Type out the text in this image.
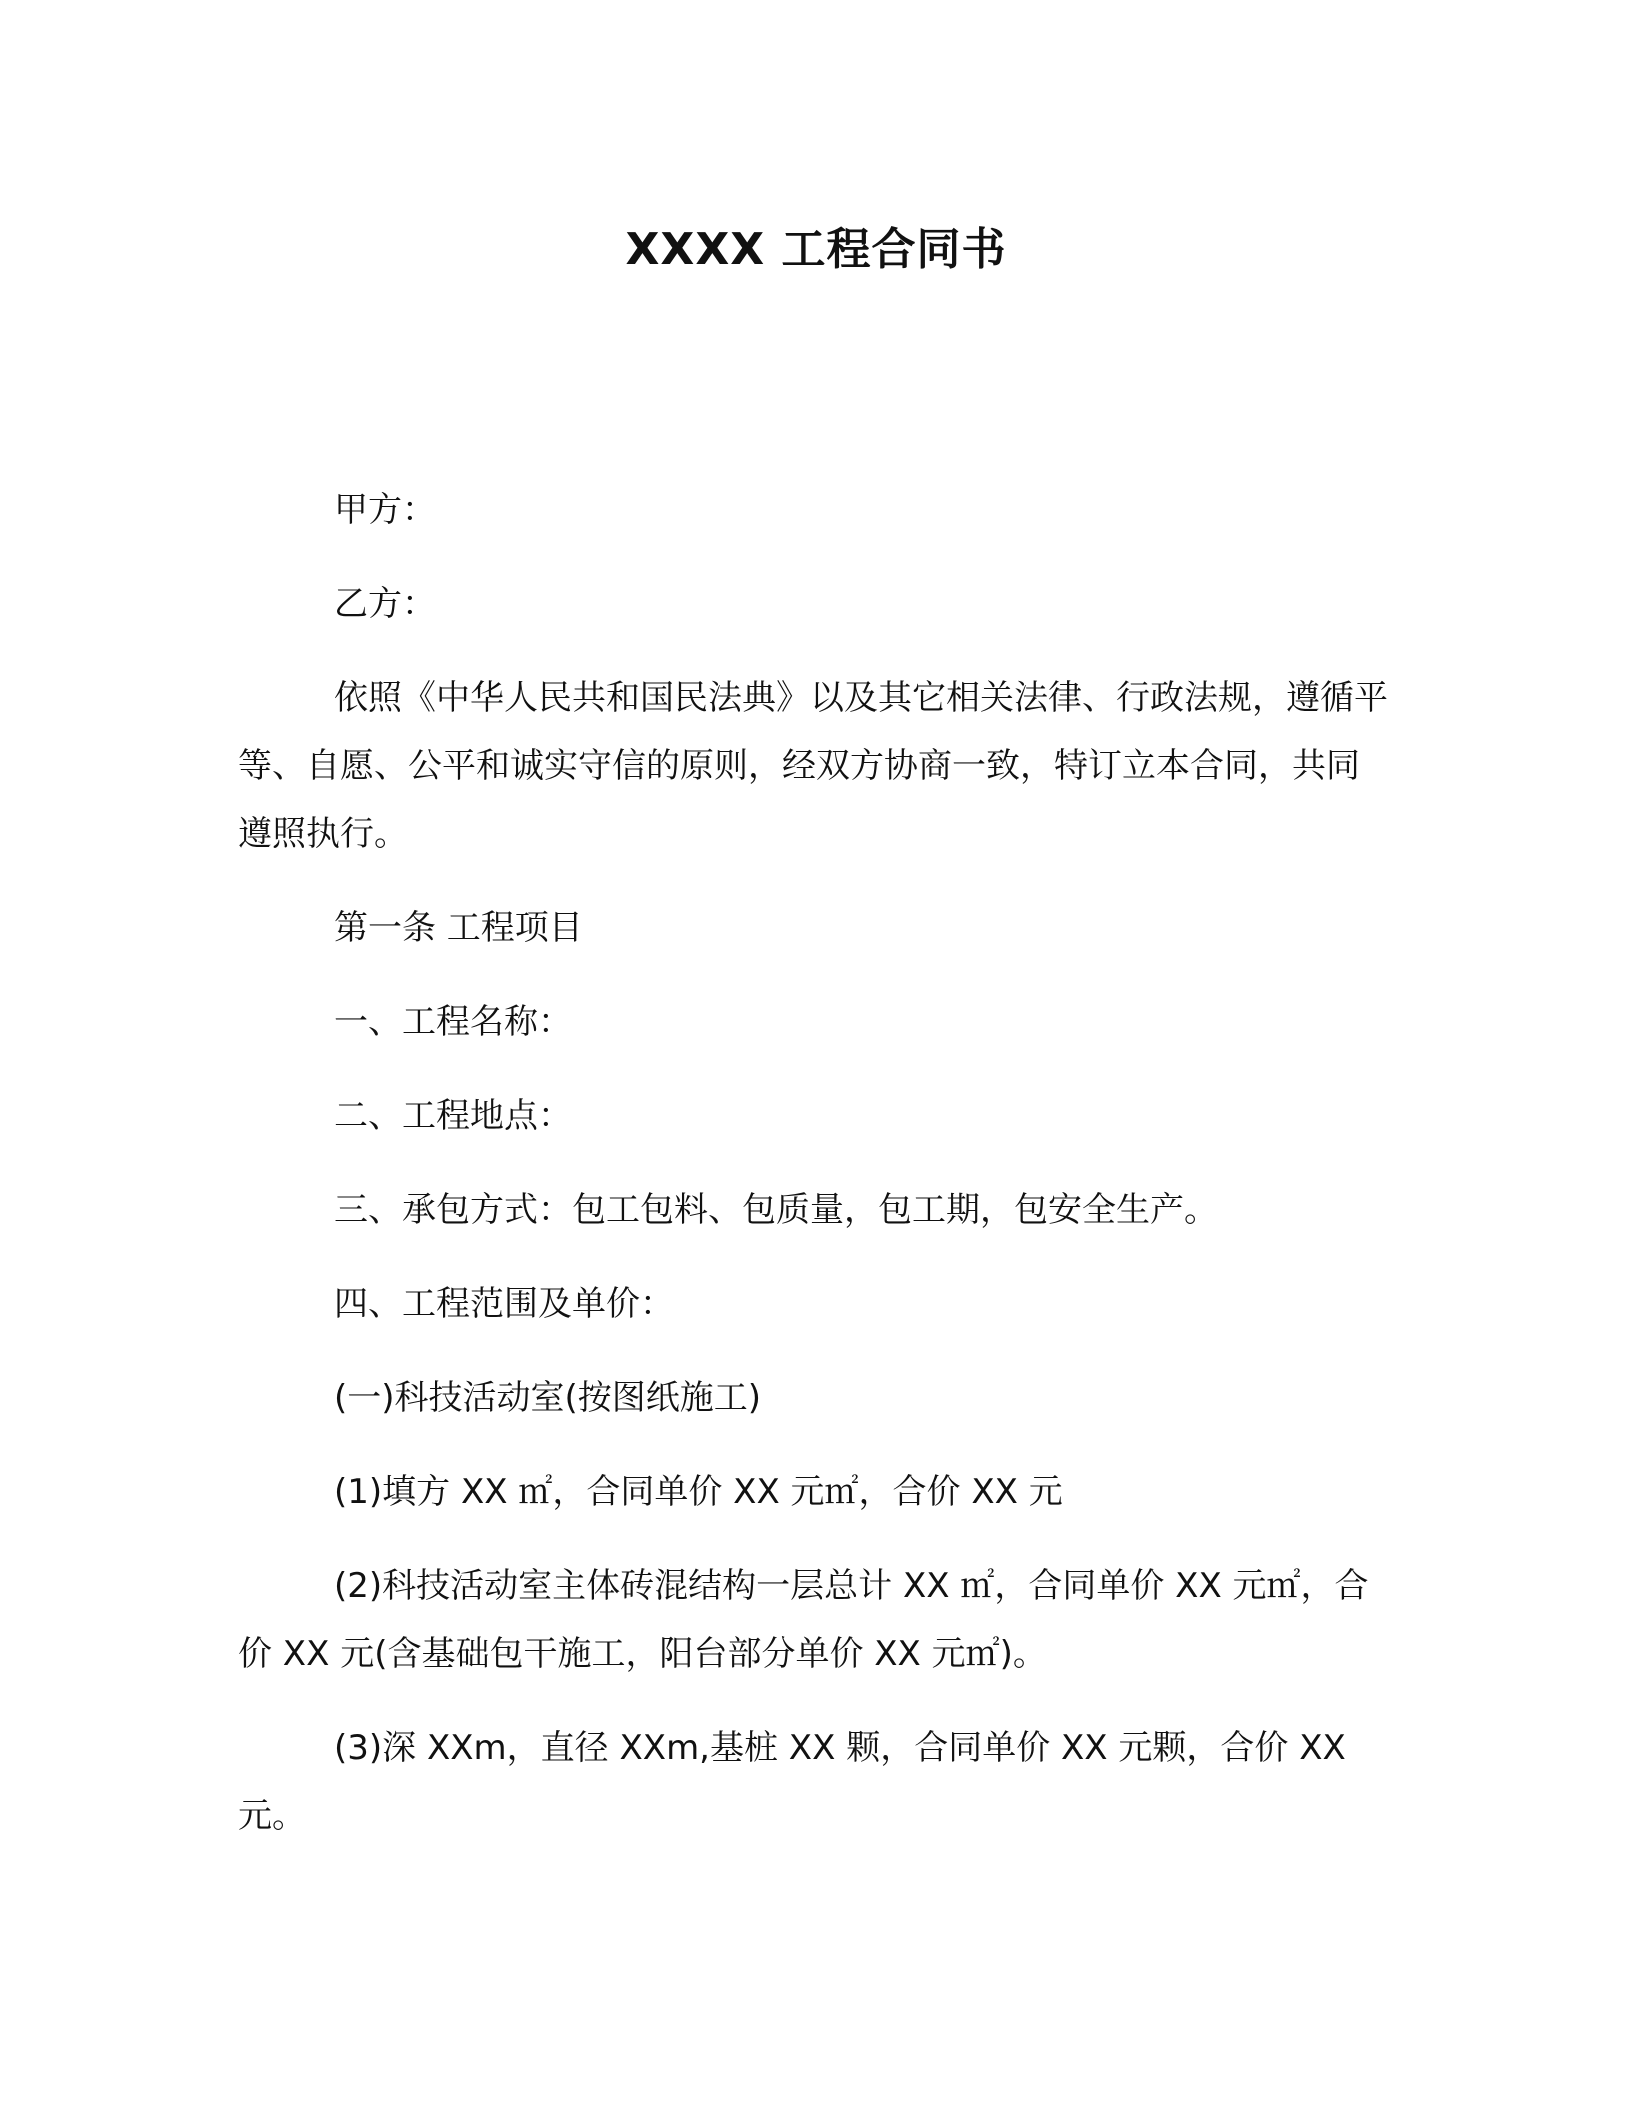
XXXX 工程合同书

甲方：

乙方：

依照《中华人民共和国民法典》以及其它相关法律、行政法规，遵循平等、自愿、公平和诚实守信的原则，经双方协商一致，特订立本合同，共同遵照执行。

第一条 工程项目

一、工程名称：

二、工程地点：

三、承包方式：包工包料、包质量，包工期，包安全生产。

四、工程范围及单价：

(一)科技活动室(按图纸施工)

(1)填方 XX ㎡，合同单价 XX 元㎡，合价 XX 元

(2)科技活动室主体砖混结构一层总计 XX ㎡，合同单价 XX 元㎡，合价 XX 元(含基础包干施工，阳台部分单价 XX 元㎡)。

(3)深 XXm，直径 XXm,基桩 XX 颗，合同单价 XX 元颗，合价 XX 元。
